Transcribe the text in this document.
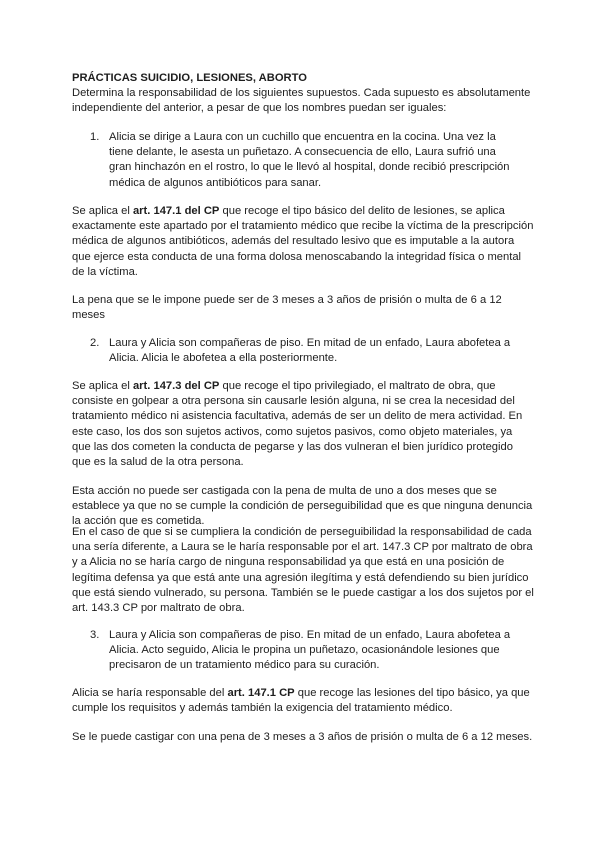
PRÁCTICAS SUICIDIO, LESIONES, ABORTO

Determina la responsabilidad de los siguientes supuestos. Cada supuesto es absolutamente independiente del anterior, a pesar de que los nombres puedan ser iguales:

1. Alicia se dirige a Laura con un cuchillo que encuentra en la cocina. Una vez la tiene delante, le asesta un puñetazo. A consecuencia de ello, Laura sufrió una gran hinchazón en el rostro, lo que le llevó al hospital, donde recibió prescripción médica de algunos antibióticos para sanar.

Se aplica el art. 147.1 del CP que recoge el tipo básico del delito de lesiones, se aplica exactamente este apartado por el tratamiento médico que recibe la víctima de la prescripción médica de algunos antibióticos, además del resultado lesivo que es imputable a la autora que ejerce esta conducta de una forma dolosa menoscabando la integridad física o mental de la víctima.

La pena que se le impone puede ser de 3 meses a 3 años de prisión o multa de 6 a 12 meses

2. Laura y Alicia son compañeras de piso. En mitad de un enfado, Laura abofetea a Alicia. Alicia le abofetea a ella posteriormente.

Se aplica el art. 147.3 del CP que recoge el tipo privilegiado, el maltrato de obra, que consiste en golpear a otra persona sin causarle lesión alguna, ni se crea la necesidad del tratamiento médico ni asistencia facultativa, además de ser un delito de mera actividad. En este caso, los dos son sujetos activos, como sujetos pasivos, como objeto materiales, ya que las dos cometen la conducta de pegarse y las dos vulneran el bien jurídico protegido que es la salud de la otra persona.

Esta acción no puede ser castigada con la pena de multa de uno a dos meses que se establece ya que no se cumple la condición de perseguibilidad que es que ninguna denuncia la acción que es cometida.

En el caso de que si se cumpliera la condición de perseguibilidad la responsabilidad de cada una sería diferente, a Laura se le haría responsable por el art. 147.3 CP por maltrato de obra y a Alicia no se haría cargo de ninguna responsabilidad ya que está en una posición de legítima defensa ya que está ante una agresión ilegítima y está defendiendo su bien jurídico que está siendo vulnerado, su persona. También se le puede castigar a los dos sujetos por el art. 143.3 CP por maltrato de obra.

3. Laura y Alicia son compañeras de piso. En mitad de un enfado, Laura abofetea a Alicia. Acto seguido, Alicia le propina un puñetazo, ocasionándole lesiones que precisaron de un tratamiento médico para su curación.

Alicia se haría responsable del art. 147.1 CP que recoge las lesiones del tipo básico, ya que cumple los requisitos y además también la exigencia del tratamiento médico.

Se le puede castigar con una pena de 3 meses a 3 años de prisión o multa de 6 a 12 meses.
